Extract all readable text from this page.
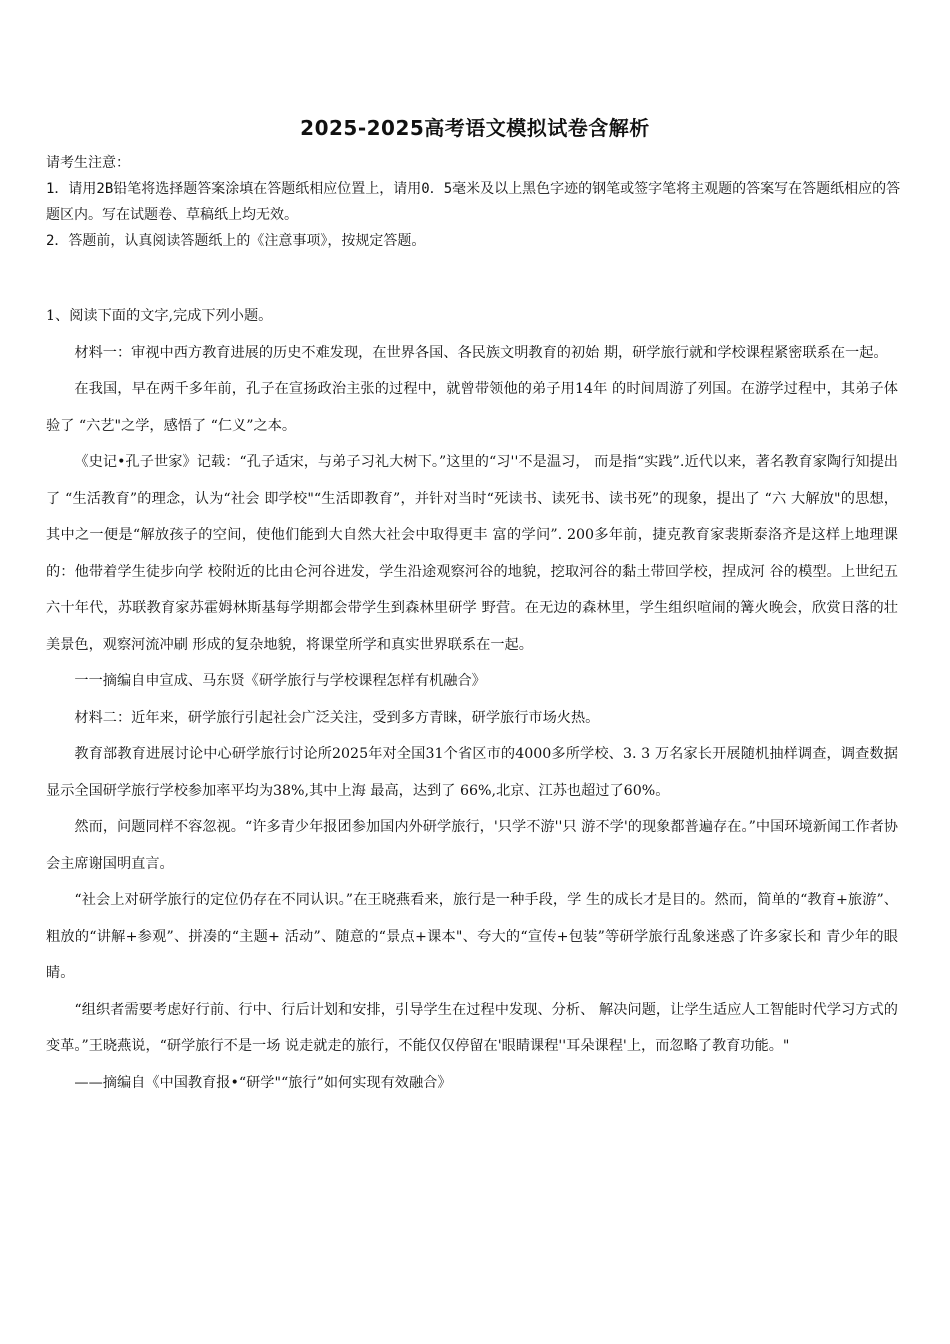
2025-2025高考语文模拟试卷含解析
请考生注意：
1．请用2B铅笔将选择题答案涂填在答题纸相应位置上，请用0．5毫米及以上黑色字迹的钢笔或签字笔将主观题的答案写在答题纸相应的答题区内。写在试题卷、草稿纸上均无效。
2．答题前，认真阅读答题纸上的《注意事项》，按规定答题。

1、阅读下面的文字,完成下列小题。

材料一：审视中西方教育进展的历史不难发现，在世界各国、各民族文明教育的初始 期，研学旅行就和学校课程紧密联系在一起。

在我国，早在两千多年前，孔子在宣扬政治主张的过程中，就曾带领他的弟子用14年 的时间周游了列国。在游学过程中，其弟子体验了 “六艺"之学，感悟了 “仁义”之本。

《史记•孔子世家》记载：“孔子适宋，与弟子习礼大树下。”这里的“习''不是温习， 而是指“实践”.近代以来，著名教育家陶行知提出了 “生活教育”的理念，认为“社会 即学校"“生活即教育”，并针对当时“死读书、读死书、读书死”的现象，提出了 “六 大解放"的思想，其中之一便是“解放孩子的空间，使他们能到大自然大社会中取得更丰 富的学问”. 200多年前，捷克教育家裴斯泰洛齐是这样上地理课的：他带着学生徒步向学 校附近的比由仑河谷进发，学生沿途观察河谷的地貌，挖取河谷的黏土带回学校，捏成河 谷的模型。上世纪五六十年代，苏联教育家苏霍姆林斯基每学期都会带学生到森林里研学 野营。在无边的森林里，学生组织喧闹的篝火晚会，欣赏日落的壮美景色，观察河流冲刷 形成的复杂地貌，将课堂所学和真实世界联系在一起。

一一摘编自申宣成、马东贤《研学旅行与学校课程怎样有机融合》

材料二：近年来，研学旅行引起社会广泛关注，受到多方青睐，研学旅行市场火热。

教育部教育进展讨论中心研学旅行讨论所2025年对全国31个省区市的4000多所学校、3. 3 万名家长开展随机抽样调查，调查数据显示全国研学旅行学校参加率平均为38%,其中上海 最高，达到了 66%,北京、江苏也超过了60%。

然而，问题同样不容忽视。“许多青少年报团参加国内外研学旅行，'只学不游''只 游不学'的现象都普遍存在。”中国环境新闻工作者协会主席谢国明直言。

“社会上对研学旅行的定位仍存在不同认识。”在王晓燕看来，旅行是一种手段，学 生的成长才是目的。然而，简单的“教育+旅游”、粗放的“讲解+参观”、拼凑的“主题+ 活动”、随意的“景点+课本"、夸大的“宣传+包装”等研学旅行乱象迷惑了许多家长和 青少年的眼睛。

“组织者需要考虑好行前、行中、行后计划和安排，引导学生在过程中发现、分析、 解决问题，让学生适应人工智能时代学习方式的变革。”王晓燕说，“研学旅行不是一场 说走就走的旅行，不能仅仅停留在'眼睛课程''耳朵课程'上，而忽略了教育功能。"

——摘编自《中国教育报•“研学"“旅行”如何实现有效融合》
